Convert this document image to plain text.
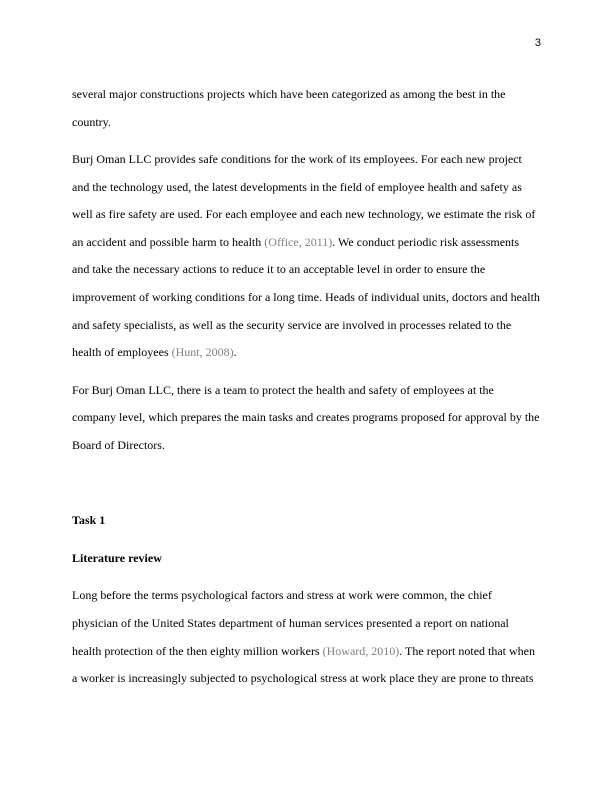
3
several major constructions projects which have been categorized as among the best in the
country.
Burj Oman LLC provides safe conditions for the work of its employees. For each new project
and the technology used, the latest developments in the field of employee health and safety as
well as fire safety are used. For each employee and each new technology, we estimate the risk of
an accident and possible harm to health (Office, 2011). We conduct periodic risk assessments
and take the necessary actions to reduce it to an acceptable level in order to ensure the
improvement of working conditions for a long time. Heads of individual units, doctors and health
and safety specialists, as well as the security service are involved in processes related to the
health of employees (Hunt, 2008).
For Burj Oman LLC, there is a team to protect the health and safety of employees at the
company level, which prepares the main tasks and creates programs proposed for approval by the
Board of Directors.
Task 1
Literature review
Long before the terms psychological factors and stress at work were common, the chief
physician of the United States department of human services presented a report on national
health protection of the then eighty million workers (Howard, 2010). The report noted that when
a worker is increasingly subjected to psychological stress at work place they are prone to threats
